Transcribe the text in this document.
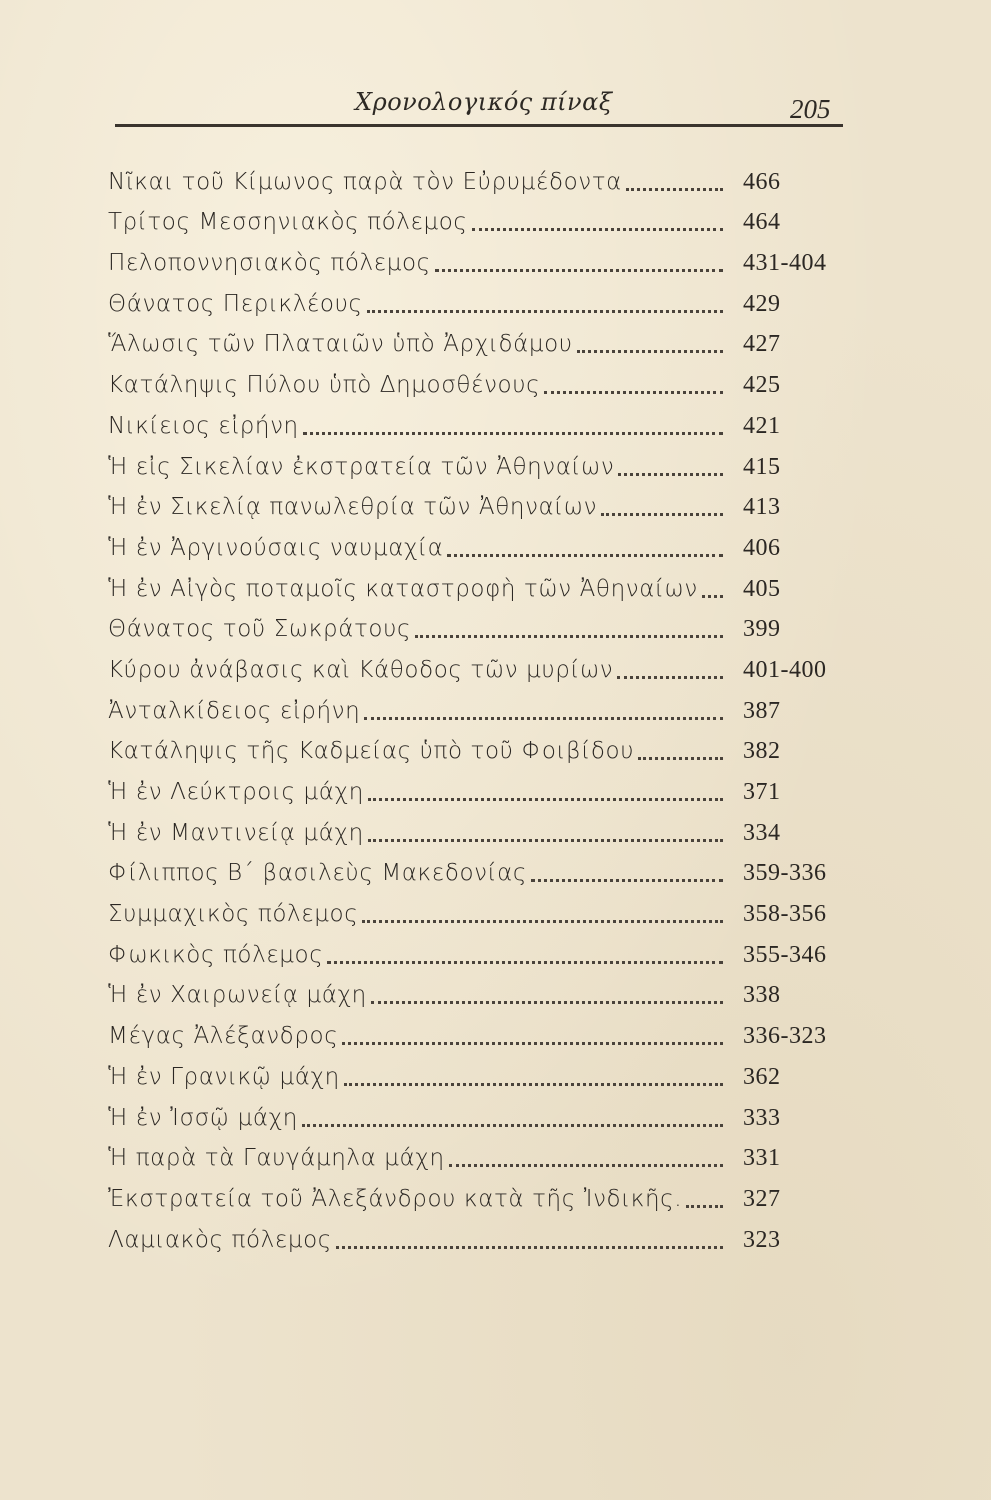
Χρονολογικός πίναξ	205
Νῖκαι τοῦ Κίμωνος παρὰ τὸν Εὐρυμέδοντα	466
Τρίτος Μεσσηνιακὸς πόλεμος	464
Πελοποννησιακὸς πόλεμος	431-404
Θάνατος Περικλέους	429
Ἅλωσις τῶν Πλαταιῶν ὑπὸ Ἀρχιδάμου	427
Κατάληψις Πύλου ὑπὸ Δημοσθένους	425
Νικίειος εἰρήνη	421
Ἡ εἰς Σικελίαν ἐκστρατεία τῶν Ἀθηναίων	415
Ἡ ἐν Σικελίᾳ πανωλεθρία τῶν Ἀθηναίων	413
Ἡ ἐν Ἀργινούσαις ναυμαχία	406
Ἡ ἐν Αἰγὸς ποταμοῖς καταστροφὴ τῶν Ἀθηναίων	405
Θάνατος τοῦ Σωκράτους	399
Κύρου ἀνάβασις καὶ Κάθοδος τῶν μυρίων	401-400
Ἀνταλκίδειος εἰρήνη	387
Κατάληψις τῆς Καδμείας ὑπὸ τοῦ Φοιβίδου	382
Ἡ ἐν Λεύκτροις μάχη	371
Ἡ ἐν Μαντινείᾳ μάχη	334
Φίλιππος Β΄ βασιλεὺς Μακεδονίας	359-336
Συμμαχικὸς πόλεμος	358-356
Φωκικὸς πόλεμος	355-346
Ἡ ἐν Χαιρωνείᾳ μάχη	338
Μέγας Ἀλέξανδρος	336-323
Ἡ ἐν Γρανικῷ μάχη	362
Ἡ ἐν Ἰσσῷ μάχη	333
Ἡ παρὰ τὰ Γαυγάμηλα μάχη	331
Ἐκστρατεία τοῦ Ἀλεξάνδρου κατὰ τῆς Ἰνδικῆς.	327
Λαμιακὸς πόλεμος	323
